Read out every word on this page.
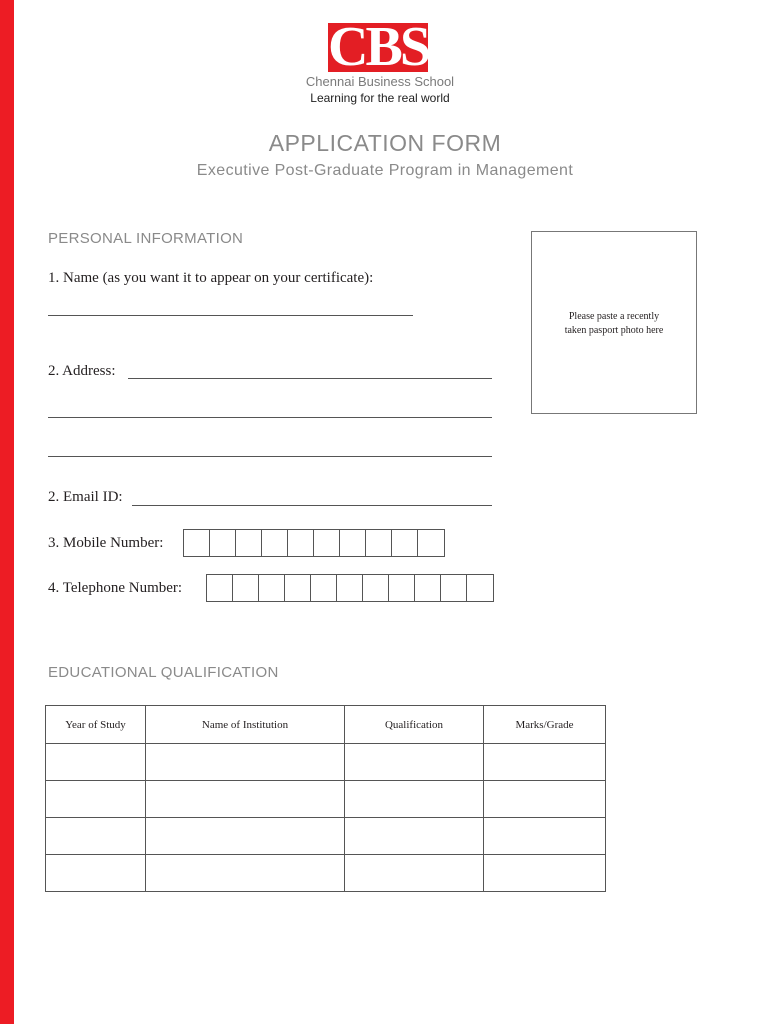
CBS
Chennai Business School
Learning for the real world
APPLICATION FORM
Executive Post-Graduate Program in Management
PERSONAL INFORMATION
1. Name (as you want it to appear on your certificate):
2. Address:
2. Email ID:
3. Mobile Number:
4. Telephone Number:
Please paste a recently
taken pasport photo here
EDUCATIONAL QUALIFICATION
Year of Study	Name of Institution	Qualification	Marks/Grade
